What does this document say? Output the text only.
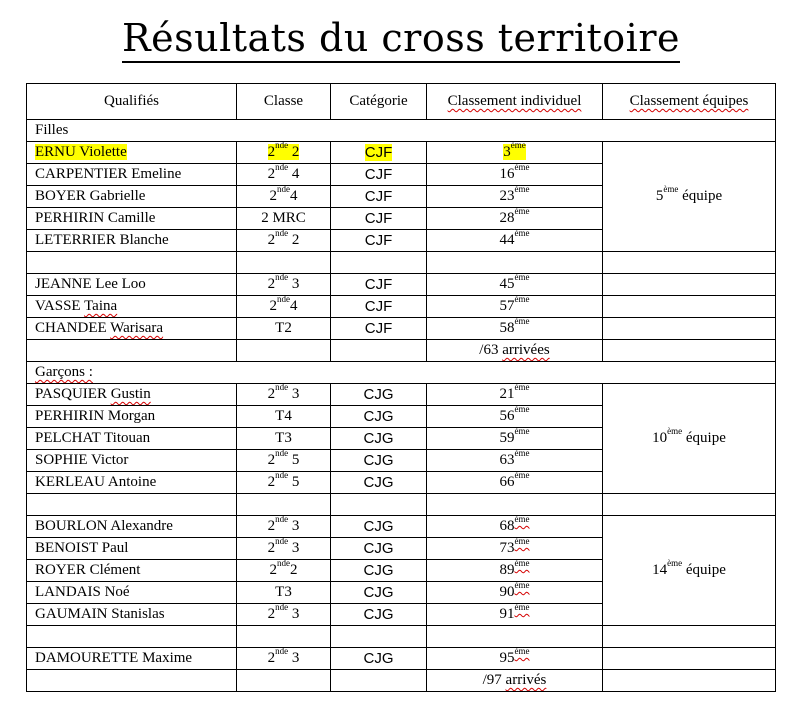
Résultats du cross territoire
Qualifiés	Classe	Catégorie	Classement individuel	Classement équipes
Filles				
ERNU Violette	2nde 2	CJF	3ème	5ème équipe
CARPENTIER Emeline	2nde 4	CJF	16ème
BOYER Gabrielle	2nde4	CJF	23ème
PERHIRIN Camille	2 MRC	CJF	28ème
LETERRIER Blanche	2nde 2	CJF	44ème

JEANNE Lee Loo	2nde 3	CJF	45ème	
VASSE Taina	2nde4	CJF	57ème	
CHANDEE Warisara	T2	CJF	58ème	
			/63 arrivées	
Garçons :				
PASQUIER Gustin	2nde 3	CJG	21ème	10ème équipe
PERHIRIN Morgan	T4	CJG	56ème
PELCHAT Titouan	T3	CJG	59ème
SOPHIE Victor	2nde 5	CJG	63ème
KERLEAU Antoine	2nde 5	CJG	66ème

BOURLON Alexandre	2nde 3	CJG	68ème	14ème équipe
BENOIST Paul	2nde 3	CJG	73ème
ROYER Clément	2nde2	CJG	89ème
LANDAIS Noé	T3	CJG	90ème
GAUMAIN Stanislas	2nde 3	CJG	91ème

DAMOURETTE Maxime	2nde 3	CJG	95ème	
			/97 arrivés	
